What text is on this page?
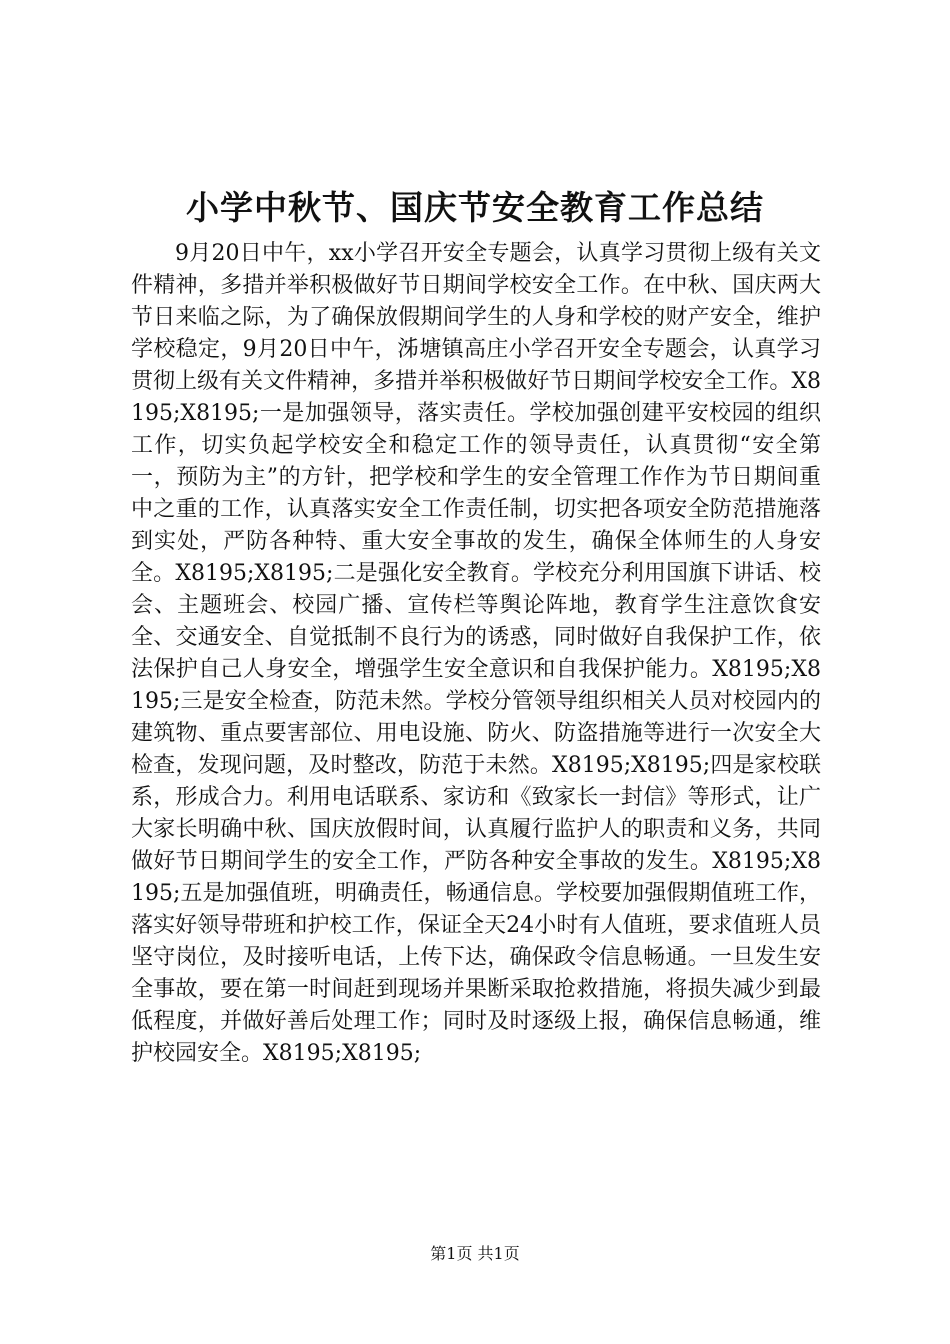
小学中秋节、国庆节安全教育工作总结

9月20日中午，xx小学召开安全专题会，认真学习贯彻上级有关文件精神，多措并举积极做好节日期间学校安全工作。在中秋、国庆两大节日来临之际，为了确保放假期间学生的人身和学校的财产安全，维护学校稳定，9月20日中午，泲塘镇高庄小学召开安全专题会，认真学习贯彻上级有关文件精神，多措并举积极做好节日期间学校安全工作。X8195;X8195;一是加强领导，落实责任。学校加强创建平安校园的组织工作，切实负起学校安全和稳定工作的领导责任，认真贯彻“安全第一，预防为主”的方针，把学校和学生的安全管理工作作为节日期间重中之重的工作，认真落实安全工作责任制，切实把各项安全防范措施落到实处，严防各种特、重大安全事故的发生，确保全体师生的人身安全。X8195;X8195;二是强化安全教育。学校充分利用国旗下讲话、校会、主题班会、校园广播、宣传栏等舆论阵地，教育学生注意饮食安全、交通安全、自觉抵制不良行为的诱惑，同时做好自我保护工作，依法保护自己人身安全，增强学生安全意识和自我保护能力。X8195;X8195;三是安全检查，防范未然。学校分管领导组织相关人员对校园内的建筑物、重点要害部位、用电设施、防火、防盗措施等进行一次安全大检查，发现问题，及时整改，防范于未然。X8195;X8195;四是家校联系，形成合力。利用电话联系、家访和《致家长一封信》等形式，让广大家长明确中秋、国庆放假时间，认真履行监护人的职责和义务，共同做好节日期间学生的安全工作，严防各种安全事故的发生。X8195;X8195;五是加强值班，明确责任，畅通信息。学校要加强假期值班工作，落实好领导带班和护校工作，保证全天24小时有人值班，要求值班人员坚守岗位，及时接听电话，上传下达，确保政令信息畅通。一旦发生安全事故，要在第一时间赶到现场并果断采取抢救措施，将损失减少到最低程度，并做好善后处理工作；同时及时逐级上报，确保信息畅通，维护校园安全。X8195;X8195;

第1页 共1页
